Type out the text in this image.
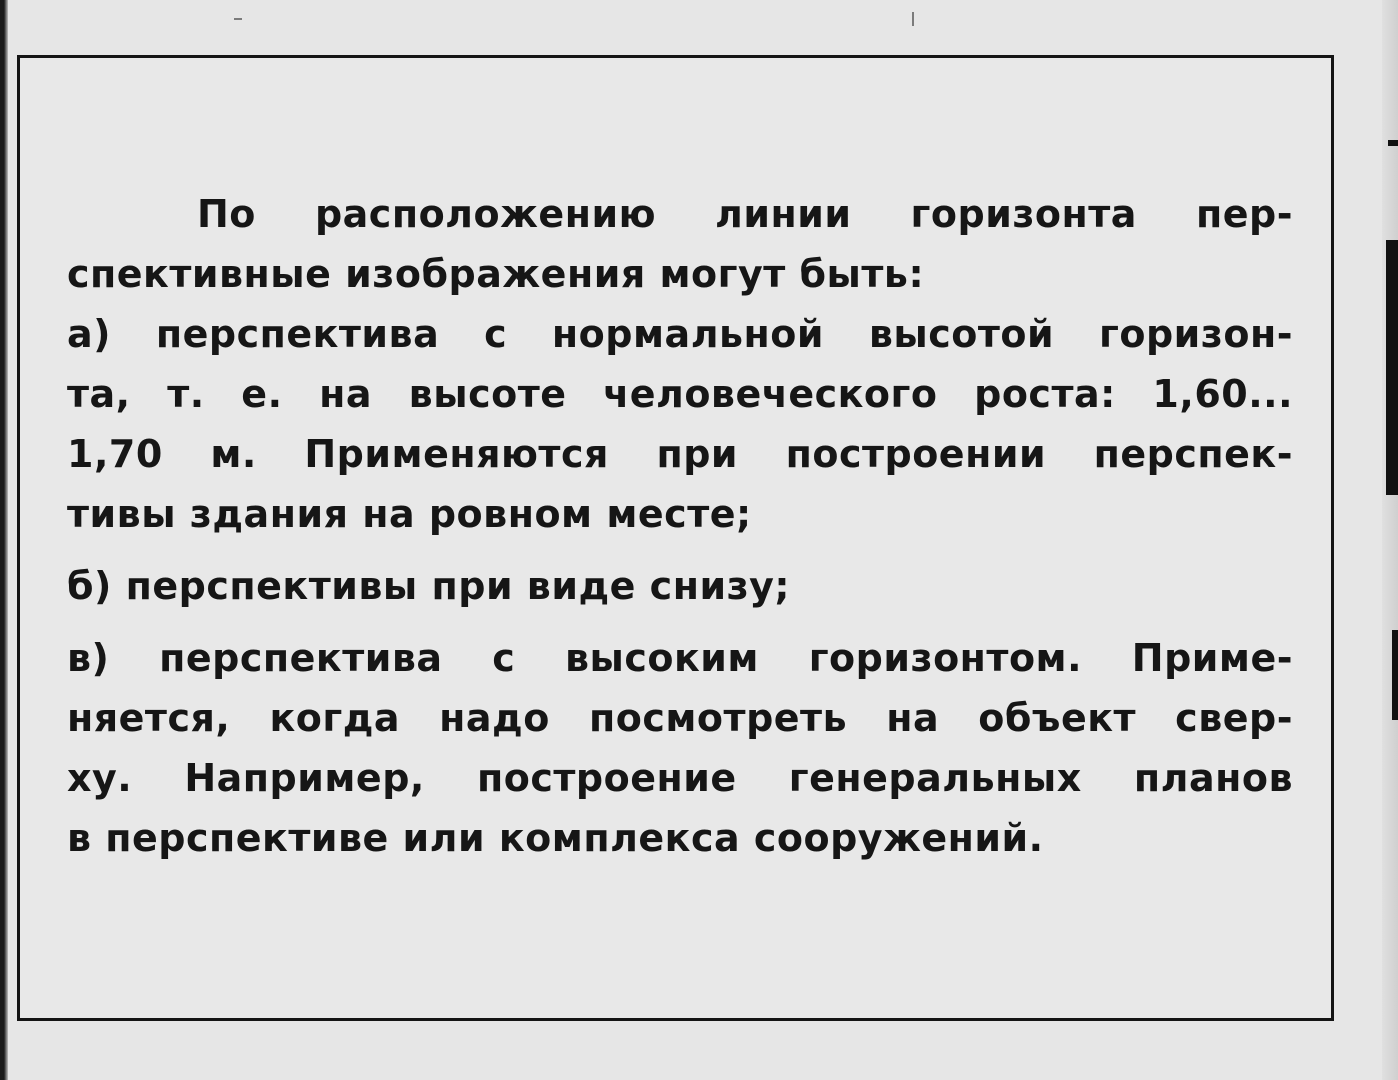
По расположению линии горизонта пер-
спективные изображения могут быть:
а) перспектива с нормальной высотой горизон-
та, т. е. на высоте человеческого роста: 1,60...
1,70 м. Применяются при построении перспек-
тивы здания на ровном месте;
б) перспективы при виде снизу;
в) перспектива с высоким горизонтом. Приме-
няется, когда надо посмотреть на объект свер-
ху. Например, построение генеральных планов
в перспективе или комплекса сооружений.
